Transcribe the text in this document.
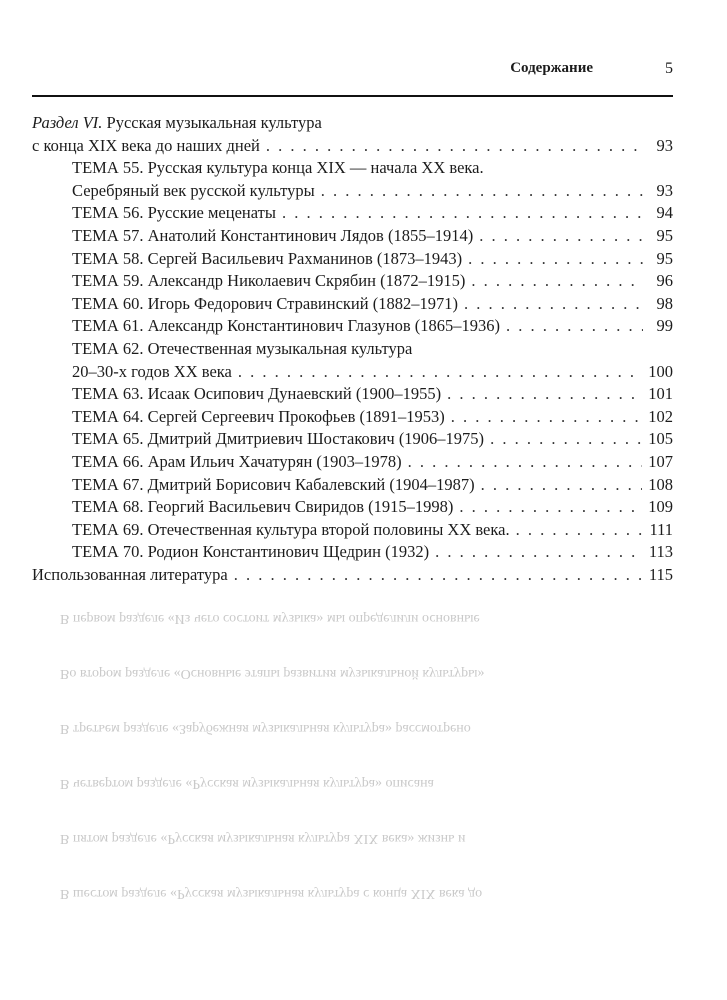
В первом разделе «Из чего состоит музыка» мы определили основные
Во втором разделе «Основные этапы развития музыкальной культуры»
В третьем разделе «Зарубежная музыкальная культура» рассмотрено
В четвертом разделе «Русская музыкальная культура» описана
В пятом разделе «Русская музыкальная культура XIX века» жизнь и
В шестом разделе «Русская музыкальная культура с конца XIX века до
Содержание	5
Раздел VI. Русская музыкальная культура
с конца XIX века до наших дней . . .	93
ТЕМА 55. Русская культура конца XIX — начала XX века.
Серебряный век русской культуры . . .	93
ТЕМА 56. Русские меценаты . . .	94
ТЕМА 57. Анатолий Константинович Лядов (1855–1914) . . .	95
ТЕМА 58. Сергей Васильевич Рахманинов (1873–1943) . . .	95
ТЕМА 59. Александр Николаевич Скрябин (1872–1915) . . .	96
ТЕМА 60. Игорь Федорович Стравинский (1882–1971) . . .	98
ТЕМА 61. Александр Константинович Глазунов (1865–1936) . . .	99
ТЕМА 62. Отечественная музыкальная культура
20–30-х годов XX века . . .	100
ТЕМА 63. Исаак Осипович Дунаевский (1900–1955) . . .	101
ТЕМА 64. Сергей Сергеевич Прокофьев (1891–1953) . . .	102
ТЕМА 65. Дмитрий Дмитриевич Шостакович (1906–1975) . . .	105
ТЕМА 66. Арам Ильич Хачатурян (1903–1978) . . .	107
ТЕМА 67. Дмитрий Борисович Кабалевский (1904–1987) . . .	108
ТЕМА 68. Георгий Васильевич Свиридов (1915–1998) . . .	109
ТЕМА 69. Отечественная культура второй половины XX века. . . .	111
ТЕМА 70. Родион Константинович Щедрин (1932) . . .	113
Использованная литература . . .	115
